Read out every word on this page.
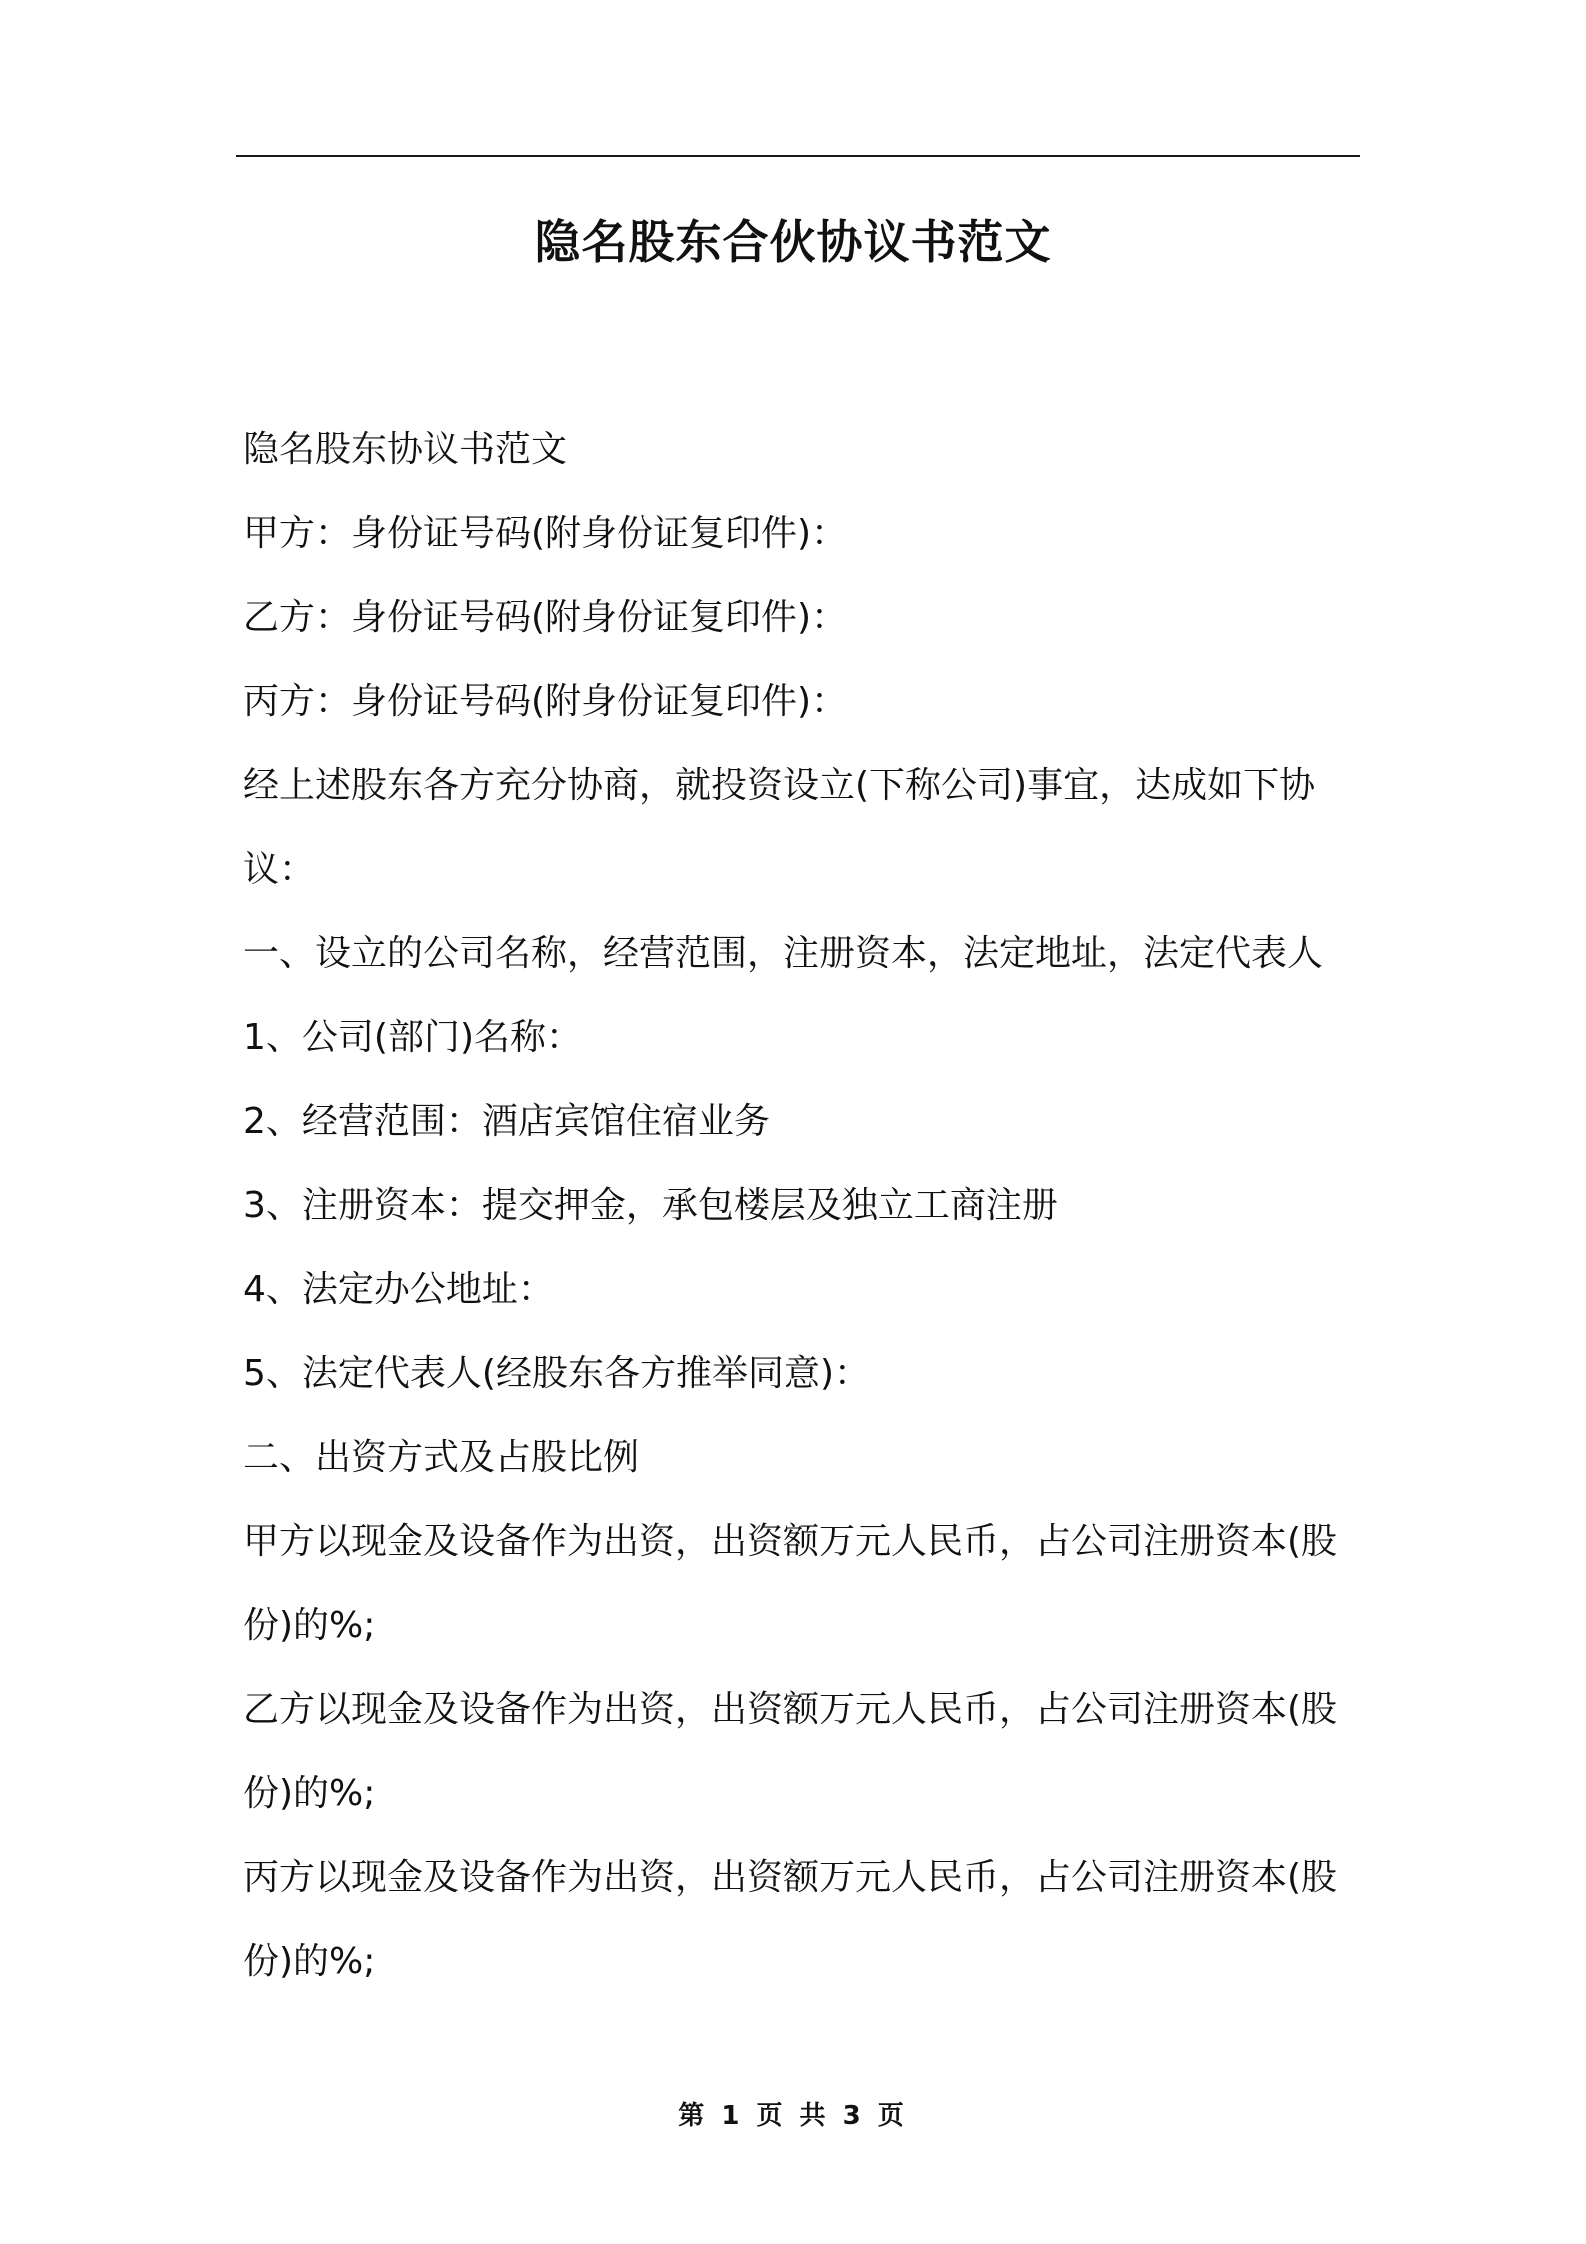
隐名股东合伙协议书范文
隐名股东协议书范文
甲方：身份证号码(附身份证复印件)：
乙方：身份证号码(附身份证复印件)：
丙方：身份证号码(附身份证复印件)：
经上述股东各方充分协商，就投资设立(下称公司)事宜，达成如下协
议：
一、设立的公司名称，经营范围，注册资本，法定地址，法定代表人
1、公司(部门)名称：
2、经营范围：酒店宾馆住宿业务
3、注册资本：提交押金，承包楼层及独立工商注册
4、法定办公地址：
5、法定代表人(经股东各方推举同意)：
二、出资方式及占股比例
甲方以现金及设备作为出资，出资额万元人民币，占公司注册资本(股
份)的%;
乙方以现金及设备作为出资，出资额万元人民币，占公司注册资本(股
份)的%;
丙方以现金及设备作为出资，出资额万元人民币，占公司注册资本(股
份)的%;
第 1 页 共 3 页
